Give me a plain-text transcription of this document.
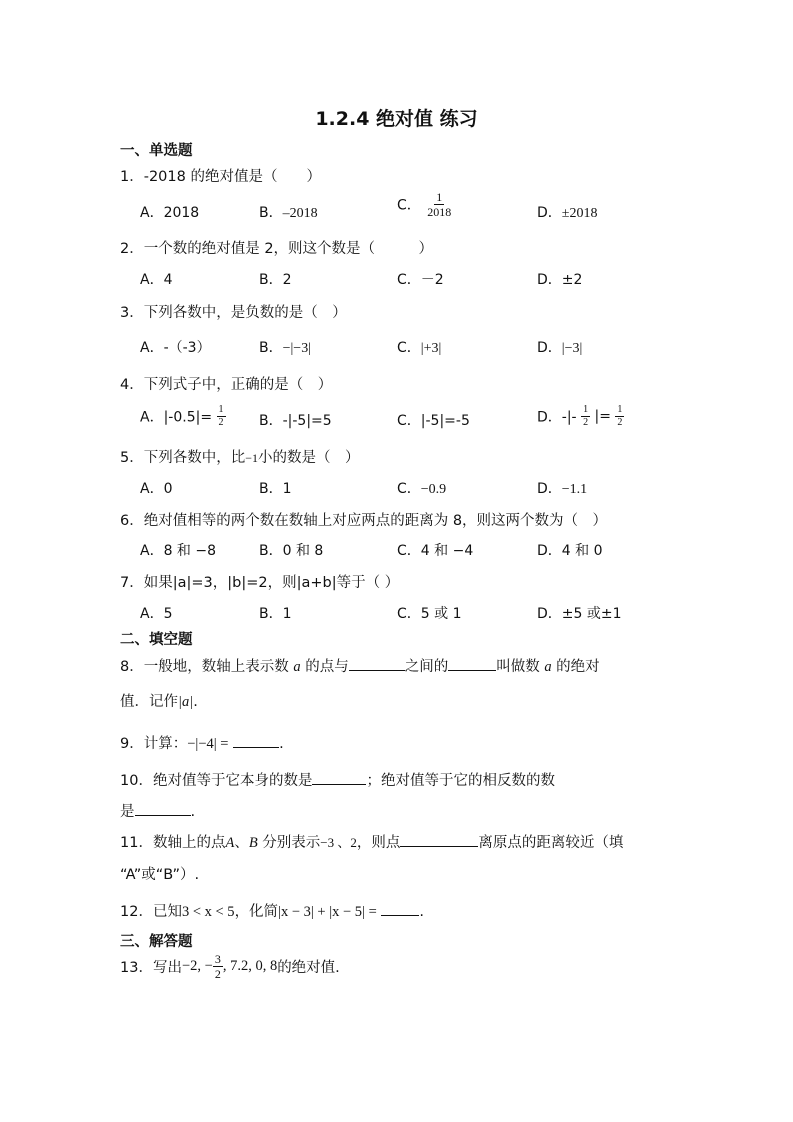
1.2.4 绝对值 练习
一、单选题
1．-2018 的绝对值是（　　）
A．2018	B．–2018	C． $\frac{1}{2018}$	D．±2018
2．一个数的绝对值是 2，则这个数是（　　　）
A．4	B．2	C．－2	D．±2
3．下列各数中，是负数的是（　）
A．-（-3）	B．−|−3|	C．|+3|	D．|−3|
4．下列式子中，正确的是（　）
A．$|-0.5|= \frac{1}{2}$ B．-|-5|=5	C．|-5|=-5	D．-|- $\frac{1}{2}$ |= $\frac{1}{2}$
5．下列各数中，比−1小的数是（　）
A．0	B．1	C．−0.9	D．−1.1
6．绝对值相等的两个数在数轴上对应两点的距离为 8，则这两个数为（　）
A．8 和 −8	B．0 和 8	C．4 和 −4	D．4 和 0
7．如果|a|=3，|b|=2，则|a+b|等于（ ）
A．5	B．1	C．5 或 1	D．±5 或±1
二、填空题
8．一般地，数轴上表示数 a 的点与	之间的	叫做数 a 的绝对
值．记作|a|.
9．计算：−|−4| =	.
10．绝对值等于它本身的数是	；绝对值等于它的相反数的数
是	.
11．数轴上的点A、B 分别表示−3 、2，则点	离原点的距离较近（填
“A”或“B”）.
12．已知3 < x < 5，化简|x − 3| + |x − 5| =	.
三、解答题
13．写出−2, − $\frac{3}{2}$ , 7.2, 0, 8的绝对值.
